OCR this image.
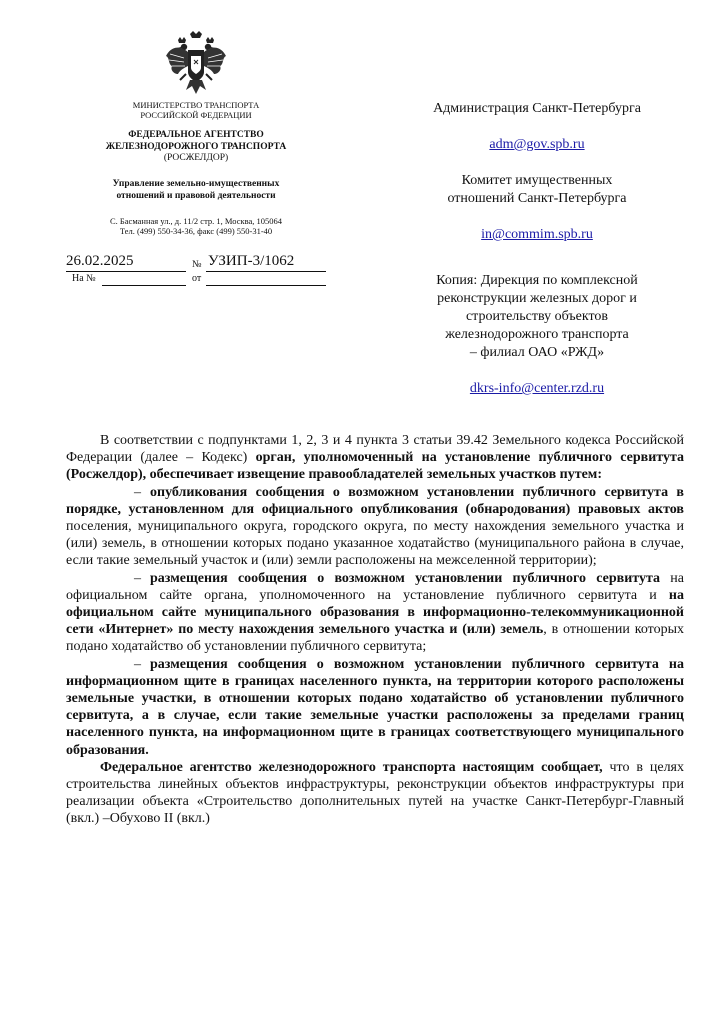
МИНИСТЕРСТВО ТРАНСПОРТА
РОССИЙСКОЙ ФЕДЕРАЦИИ
ФЕДЕРАЛЬНОЕ АГЕНТСТВО
ЖЕЛЕЗНОДОРОЖНОГО ТРАНСПОРТА
(РОСЖЕЛДОР)
Управление земельно-имущественных
отношений и правовой деятельности
С. Басманная ул., д. 11/2 стр. 1, Москва, 105064
Тел. (499) 550-34-36, факс (499) 550-31-40
26.02.2025	№ УЗИП-3/1062
На №	от

Администрация Санкт-Петербурга

adm@gov.spb.ru

Комитет имущественных
отношений Санкт-Петербурга

in@commim.spb.ru

Копия: Дирекция по комплексной
реконструкции железных дорог и
строительству объектов
железнодорожного транспорта
– филиал ОАО «РЖД»

dkrs-info@center.rzd.ru

В соответствии с подпунктами 1, 2, 3 и 4 пункта 3 статьи 39.42 Земельного кодекса Российской Федерации (далее – Кодекс) орган, уполномоченный на установление публичного сервитута (Росжелдор), обеспечивает извещение правообладателей земельных участков путем:

– опубликования сообщения о возможном установлении публичного сервитута в порядке, установленном для официального опубликования (обнародования) правовых актов поселения, муниципального округа, городского округа, по месту нахождения земельного участка и (или) земель, в отношении которых подано указанное ходатайство (муниципального района в случае, если такие земельный участок и (или) земли расположены на межселенной территории);

– размещения сообщения о возможном установлении публичного сервитута на официальном сайте органа, уполномоченного на установление публичного сервитута и на официальном сайте муниципального образования в информационно-телекоммуникационной сети «Интернет» по месту нахождения земельного участка и (или) земель, в отношении которых подано ходатайство об установлении публичного сервитута;

– размещения сообщения о возможном установлении публичного сервитута на информационном щите в границах населенного пункта, на территории которого расположены земельные участки, в отношении которых подано ходатайство об установлении публичного сервитута, а в случае, если такие земельные участки расположены за пределами границ населенного пункта, на информационном щите в границах соответствующего муниципального образования.

Федеральное агентство железнодорожного транспорта настоящим сообщает, что в целях строительства линейных объектов инфраструктуры, реконструкции объектов инфраструктуры при реализации объекта «Строительство дополнительных путей на участке Санкт-Петербург-Главный (вкл.) –Обухово II (вкл.)
